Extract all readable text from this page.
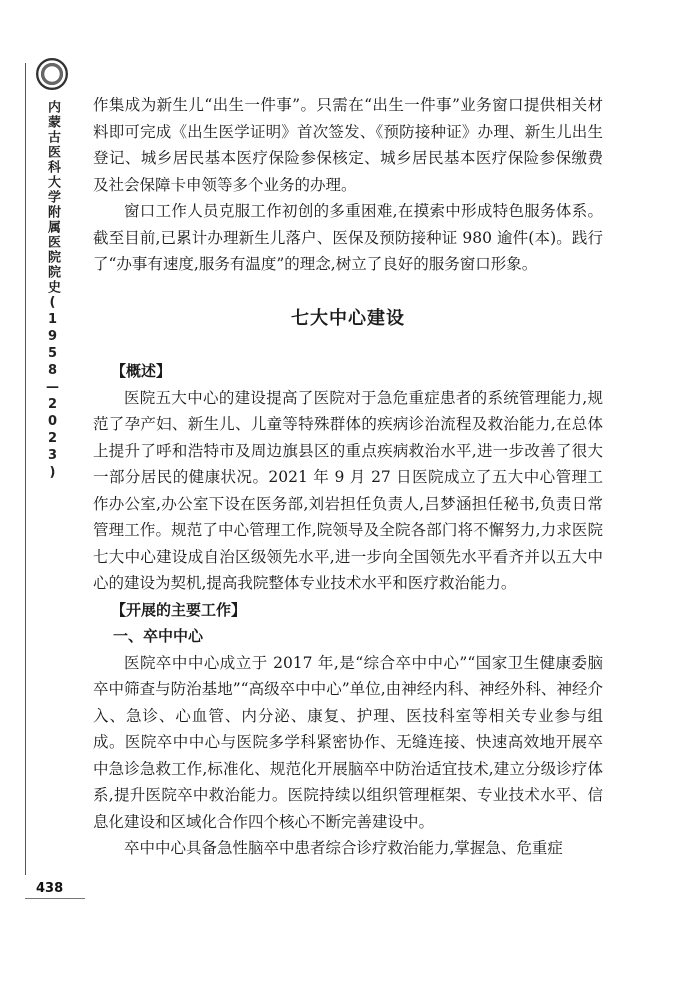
内蒙古医科大学附属医院院史(1958—2023)
438

作集成为新生儿“出生一件事”。只需在“出生一件事”业务窗口提供相关材料即可完成《出生医学证明》首次签发、《预防接种证》办理、新生儿出生登记、城乡居民基本医疗保险参保核定、城乡居民基本医疗保险参保缴费及社会保障卡申领等多个业务的办理。

窗口工作人员克服工作初创的多重困难,在摸索中形成特色服务体系。截至目前,已累计办理新生儿落户、医保及预防接种证 980 逾件(本)。践行了“办事有速度,服务有温度”的理念,树立了良好的服务窗口形象。

七大中心建设

【概述】

医院五大中心的建设提高了医院对于急危重症患者的系统管理能力,规范了孕产妇、新生儿、儿童等特殊群体的疾病诊治流程及救治能力,在总体上提升了呼和浩特市及周边旗县区的重点疾病救治水平,进一步改善了很大一部分居民的健康状况。2021 年 9 月 27 日医院成立了五大中心管理工作办公室,办公室下设在医务部,刘岩担任负责人,吕梦涵担任秘书,负责日常管理工作。规范了中心管理工作,院领导及全院各部门将不懈努力,力求医院七大中心建设成自治区级领先水平,进一步向全国领先水平看齐并以五大中心的建设为契机,提高我院整体专业技术水平和医疗救治能力。

【开展的主要工作】

一、卒中中心

医院卒中中心成立于 2017 年,是“综合卒中中心”“国家卫生健康委脑卒中筛查与防治基地”“高级卒中中心”单位,由神经内科、神经外科、神经介入、急诊、心血管、内分泌、康复、护理、医技科室等相关专业参与组成。医院卒中中心与医院多学科紧密协作、无缝连接、快速高效地开展卒中急诊急救工作,标准化、规范化开展脑卒中防治适宜技术,建立分级诊疗体系,提升医院卒中救治能力。医院持续以组织管理框架、专业技术水平、信息化建设和区域化合作四个核心不断完善建设中。

卒中中心具备急性脑卒中患者综合诊疗救治能力,掌握急、危重症
